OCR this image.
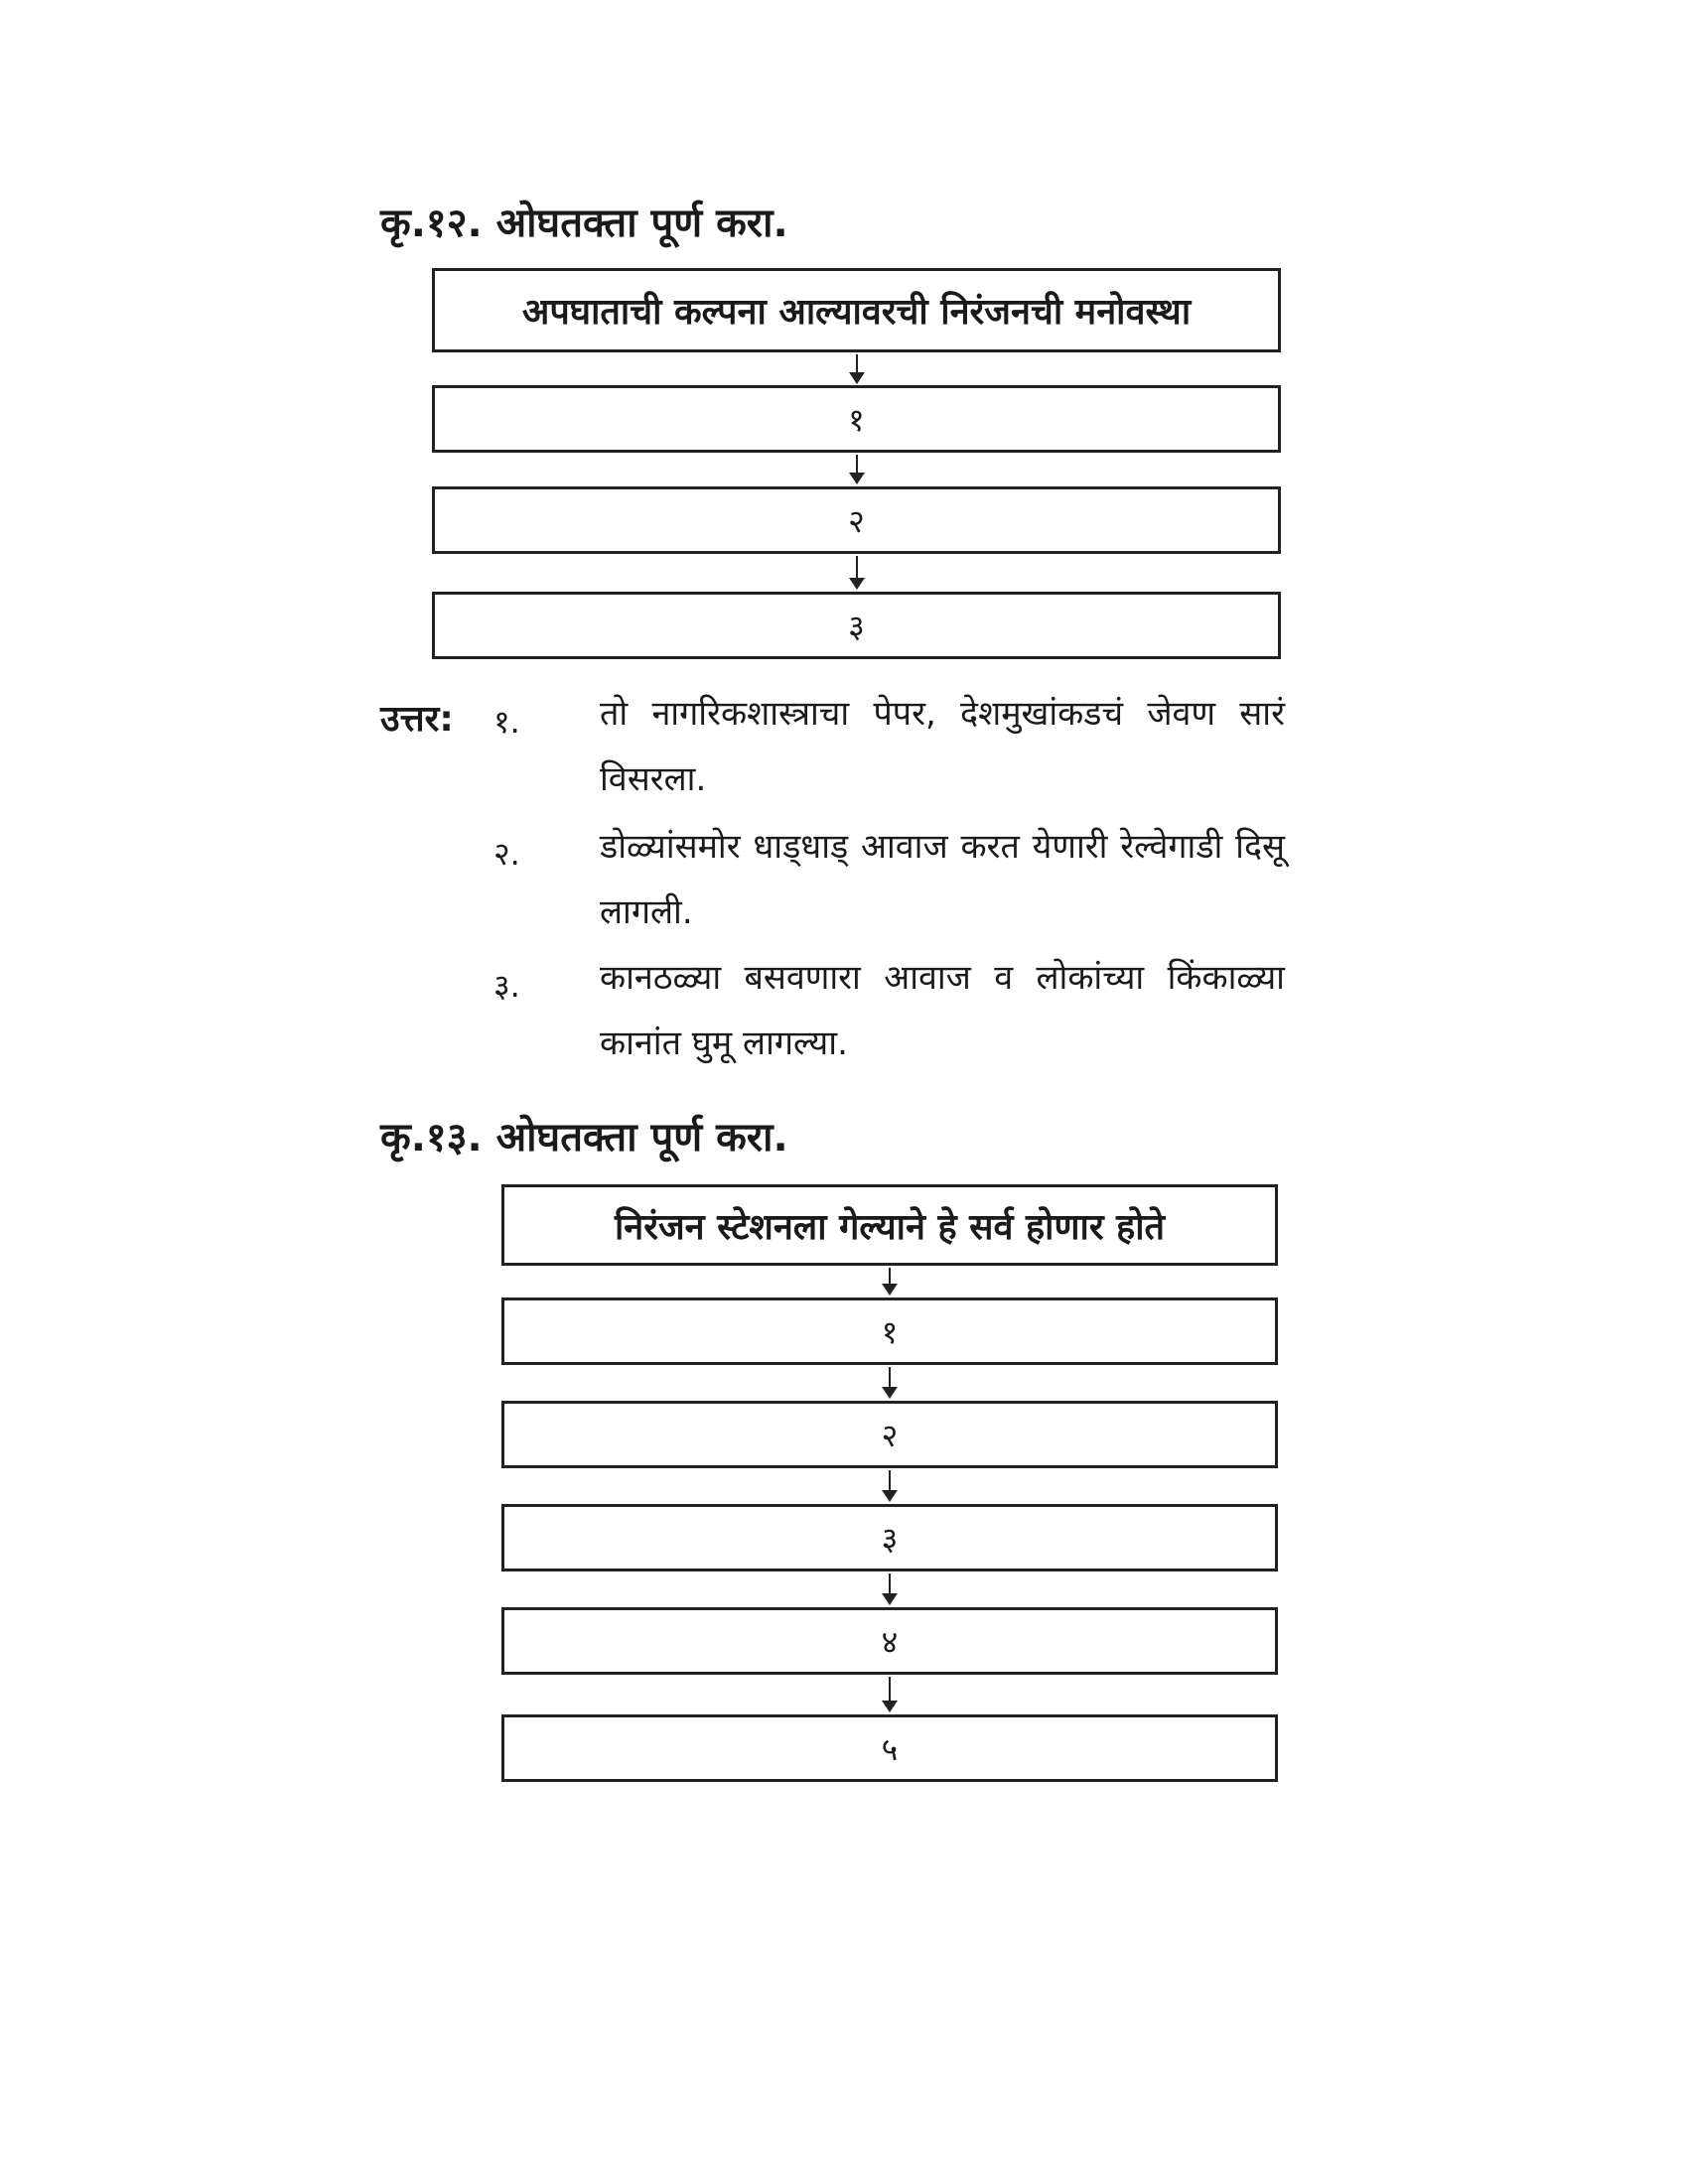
कृ.१२. ओघतक्ता पूर्ण करा.
अपघाताची कल्पना आल्यावरची निरंजनची मनोवस्था
१
२
३
उत्तर: १. तो नागरिकशास्त्राचा पेपर, देशमुखांकडचं जेवण सारं विसरला.
२. डोळ्यांसमोर धाड्धाड् आवाज करत येणारी रेल्वेगाडी दिसू लागली.
३. कानठळ्या बसवणारा आवाज व लोकांच्या किंकाळ्या कानांत घुमू लागल्या.
कृ.१३. ओघतक्ता पूर्ण करा.
निरंजन स्टेशनला गेल्याने हे सर्व होणार होते
१
२
३
४
५
